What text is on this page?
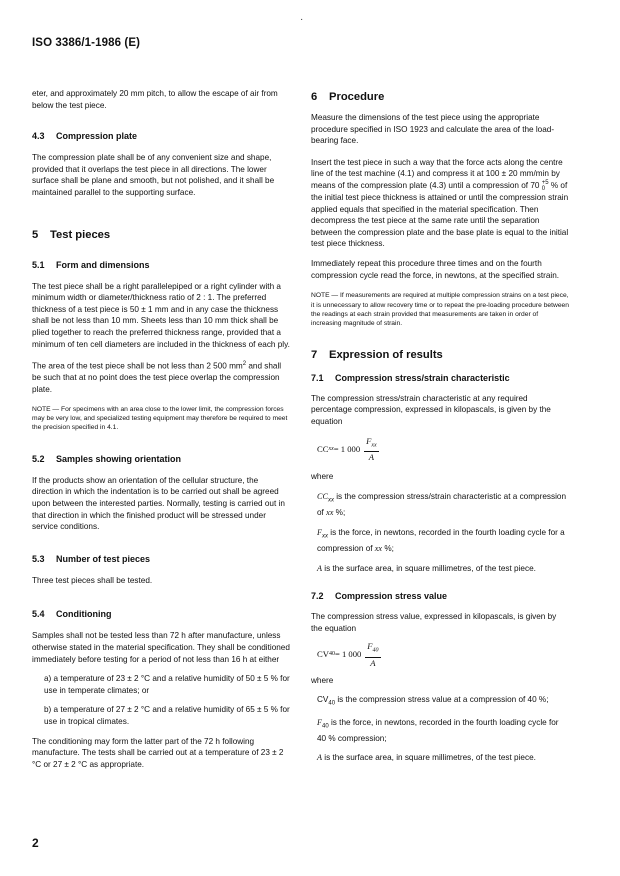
·
ISO 3386/1-1986 (E)

eter, and approximately 20 mm pitch, to allow the escape of air from below the test piece.

4.3 Compression plate

The compression plate shall be of any convenient size and shape, provided that it overlaps the test piece in all directions. The lower surface shall be plane and smooth, but not polished, and it shall be maintained parallel to the supporting surface.

5 Test pieces
5.1 Form and dimensions

The test piece shall be a right parallelepiped or a right cylinder with a minimum width or diameter/thickness ratio of 2 : 1. The preferred thickness of a test piece is 50 ± 1 mm and in any case the thickness shall be not less than 10 mm. Sheets less than 10 mm thick shall be plied together to reach the preferred thickness range, provided that a minimum of ten cell diameters are included in the thickness of each ply.

The area of the test piece shall be not less than 2 500 $mm^2$ and shall be such that at no point does the test piece overlap the compression plate.

NOTE — For specimens with an area close to the lower limit, the compression forces may be very low, and specialized testing equipment may therefore be required to meet the precision specified in 4.1.

5.2 Samples showing orientation

If the products show an orientation of the cellular structure, the direction in which the indentation is to be carried out shall be agreed upon between the interested parties. Normally, testing is carried out in that direction in which the finished product will be stressed under service conditions.

5.3 Number of test pieces

Three test pieces shall be tested.

5.4 Conditioning

Samples shall not be tested less than 72 h after manufacture, unless otherwise stated in the material specification. They shall be conditioned immediately before testing for a period of not less than 16 h at either

a) a temperature of 23 ± 2 °C and a relative humidity of 50 ± 5 % for use in temperate climates; or

b) a temperature of 27 ± 2 °C and a relative humidity of 65 ± 5 % for use in tropical climates.

The conditioning may form the latter part of the 72 h following manufacture. The tests shall be carried out at a temperature of 23 ± 2 °C or 27 ± 2 °C as appropriate.

6 Procedure

Measure the dimensions of the test piece using the appropriate procedure specified in ISO 1923 and calculate the area of the load-bearing face.

Insert the test piece in such a way that the force acts along the centre line of the test machine (4.1) and compress it at 100 ± 20 mm/min by means of the compression plate (4.3) until a compression of 70 +5
0 % of the initial test piece thickness is attained or until the compression strain applied equals that specified in the material specification. Then decompress the test piece at the same rate until the separation between the compression plate and the base plate is equal to the initial test piece thickness.

Immediately repeat this procedure three times and on the fourth compression cycle read the force, in newtons, at the specified strain.

NOTE — If measurements are required at multiple compression strains on a test piece, it is unnecessary to allow recovery time or to repeat the pre-loading procedure between the readings at each strain provided that measurements are taken in order of increasing magnitude of strain.

7 Expression of results
7.1 Compression stress/strain characteristic

The compression stress/strain characteristic at any required percentage compression, expressed in kilopascals, is given by the equation

CC xx = 1 $000 \frac{F_{xx}}{A}$

where

$CC_{xx}$ is the compression stress/strain characteristic at a compression of xx %;

$F_{xx}$ is the force, in newtons, recorded in the fourth loading cycle for a compression of xx %;

A is the surface area, in square millimetres, of the test piece.

7.2 Compression stress value

The compression stress value, expressed in kilopascals, is given by the equation

CV 40 = 1 $000 \frac{F_{40}}{A}$

where

$CV_{40}$ is the compression stress value at a compression of 40 %;

$F_{40}$ is the force, in newtons, recorded in the fourth loading cycle for 40 % compression;

A is the surface area, in square millimetres, of the test piece.

2
